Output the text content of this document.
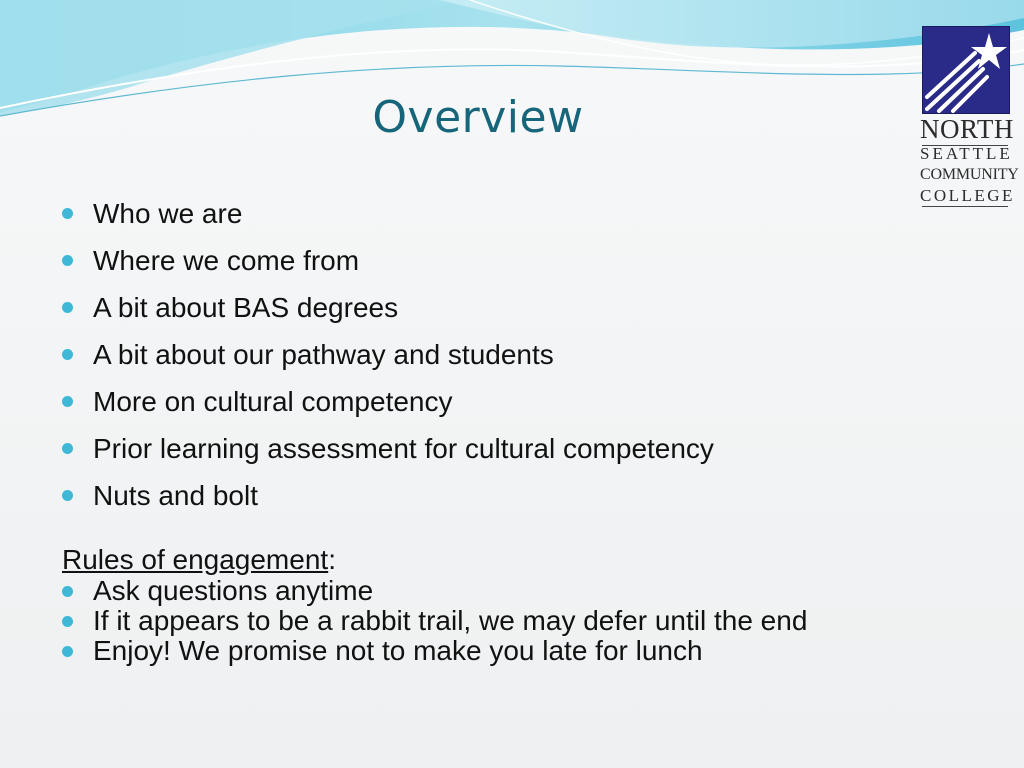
Overview	NORTH
SEATTLE
COMMUNITY
COLLEGE
Who we are
Where we come from
A bit about BAS degrees
A bit about our pathway and students
More on cultural competency
Prior learning assessment for cultural competency
Nuts and bolt
Rules of engagement:
Ask questions anytime
If it appears to be a rabbit trail, we may defer until the end
Enjoy! We promise not to make you late for lunch
